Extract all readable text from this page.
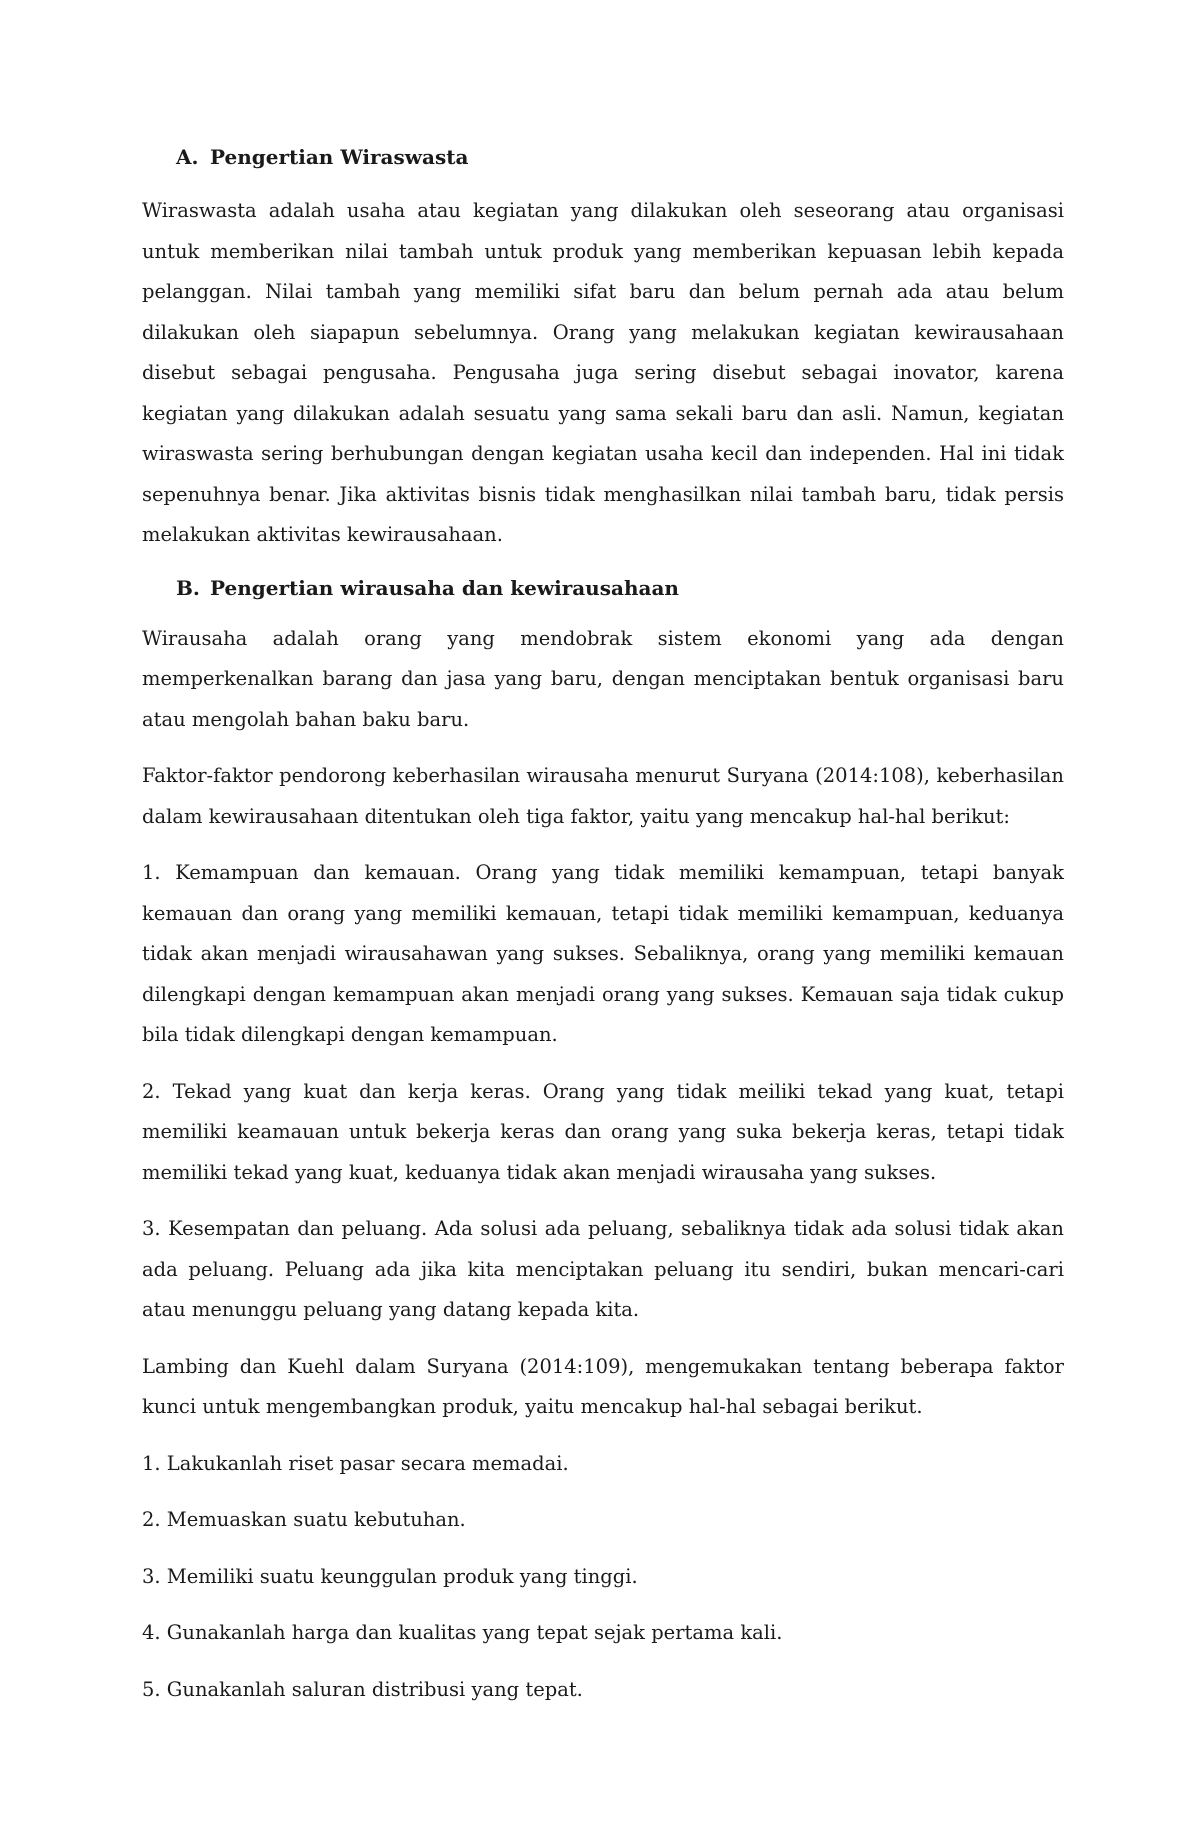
A. Pengertian Wiraswasta

Wiraswasta adalah usaha atau kegiatan yang dilakukan oleh seseorang atau organisasi untuk memberikan nilai tambah untuk produk yang memberikan kepuasan lebih kepada pelanggan. Nilai tambah yang memiliki sifat baru dan belum pernah ada atau belum dilakukan oleh siapapun sebelumnya. Orang yang melakukan kegiatan kewirausahaan disebut sebagai pengusaha. Pengusaha juga sering disebut sebagai inovator, karena kegiatan yang dilakukan adalah sesuatu yang sama sekali baru dan asli. Namun, kegiatan wiraswasta sering berhubungan dengan kegiatan usaha kecil dan independen. Hal ini tidak sepenuhnya benar. Jika aktivitas bisnis tidak menghasilkan nilai tambah baru, tidak persis melakukan aktivitas kewirausahaan.

B. Pengertian wirausaha dan kewirausahaan

Wirausaha adalah orang yang mendobrak sistem ekonomi yang ada dengan memperkenalkan barang dan jasa yang baru, dengan menciptakan bentuk organisasi baru atau mengolah bahan baku baru.

Faktor-faktor pendorong keberhasilan wirausaha menurut Suryana (2014:108), keberhasilan dalam kewirausahaan ditentukan oleh tiga faktor, yaitu yang mencakup hal-hal berikut:

1. Kemampuan dan kemauan. Orang yang tidak memiliki kemampuan, tetapi banyak kemauan dan orang yang memiliki kemauan, tetapi tidak memiliki kemampuan, keduanya tidak akan menjadi wirausahawan yang sukses. Sebaliknya, orang yang memiliki kemauan dilengkapi dengan kemampuan akan menjadi orang yang sukses. Kemauan saja tidak cukup bila tidak dilengkapi dengan kemampuan.

2. Tekad yang kuat dan kerja keras. Orang yang tidak meiliki tekad yang kuat, tetapi memiliki keamauan untuk bekerja keras dan orang yang suka bekerja keras, tetapi tidak memiliki tekad yang kuat, keduanya tidak akan menjadi wirausaha yang sukses.

3. Kesempatan dan peluang. Ada solusi ada peluang, sebaliknya tidak ada solusi tidak akan ada peluang. Peluang ada jika kita menciptakan peluang itu sendiri, bukan mencari-cari atau menunggu peluang yang datang kepada kita.

Lambing dan Kuehl dalam Suryana (2014:109), mengemukakan tentang beberapa faktor kunci untuk mengembangkan produk, yaitu mencakup hal-hal sebagai berikut.

1. Lakukanlah riset pasar secara memadai.

2. Memuaskan suatu kebutuhan.

3. Memiliki suatu keunggulan produk yang tinggi.

4. Gunakanlah harga dan kualitas yang tepat sejak pertama kali.

5. Gunakanlah saluran distribusi yang tepat.
